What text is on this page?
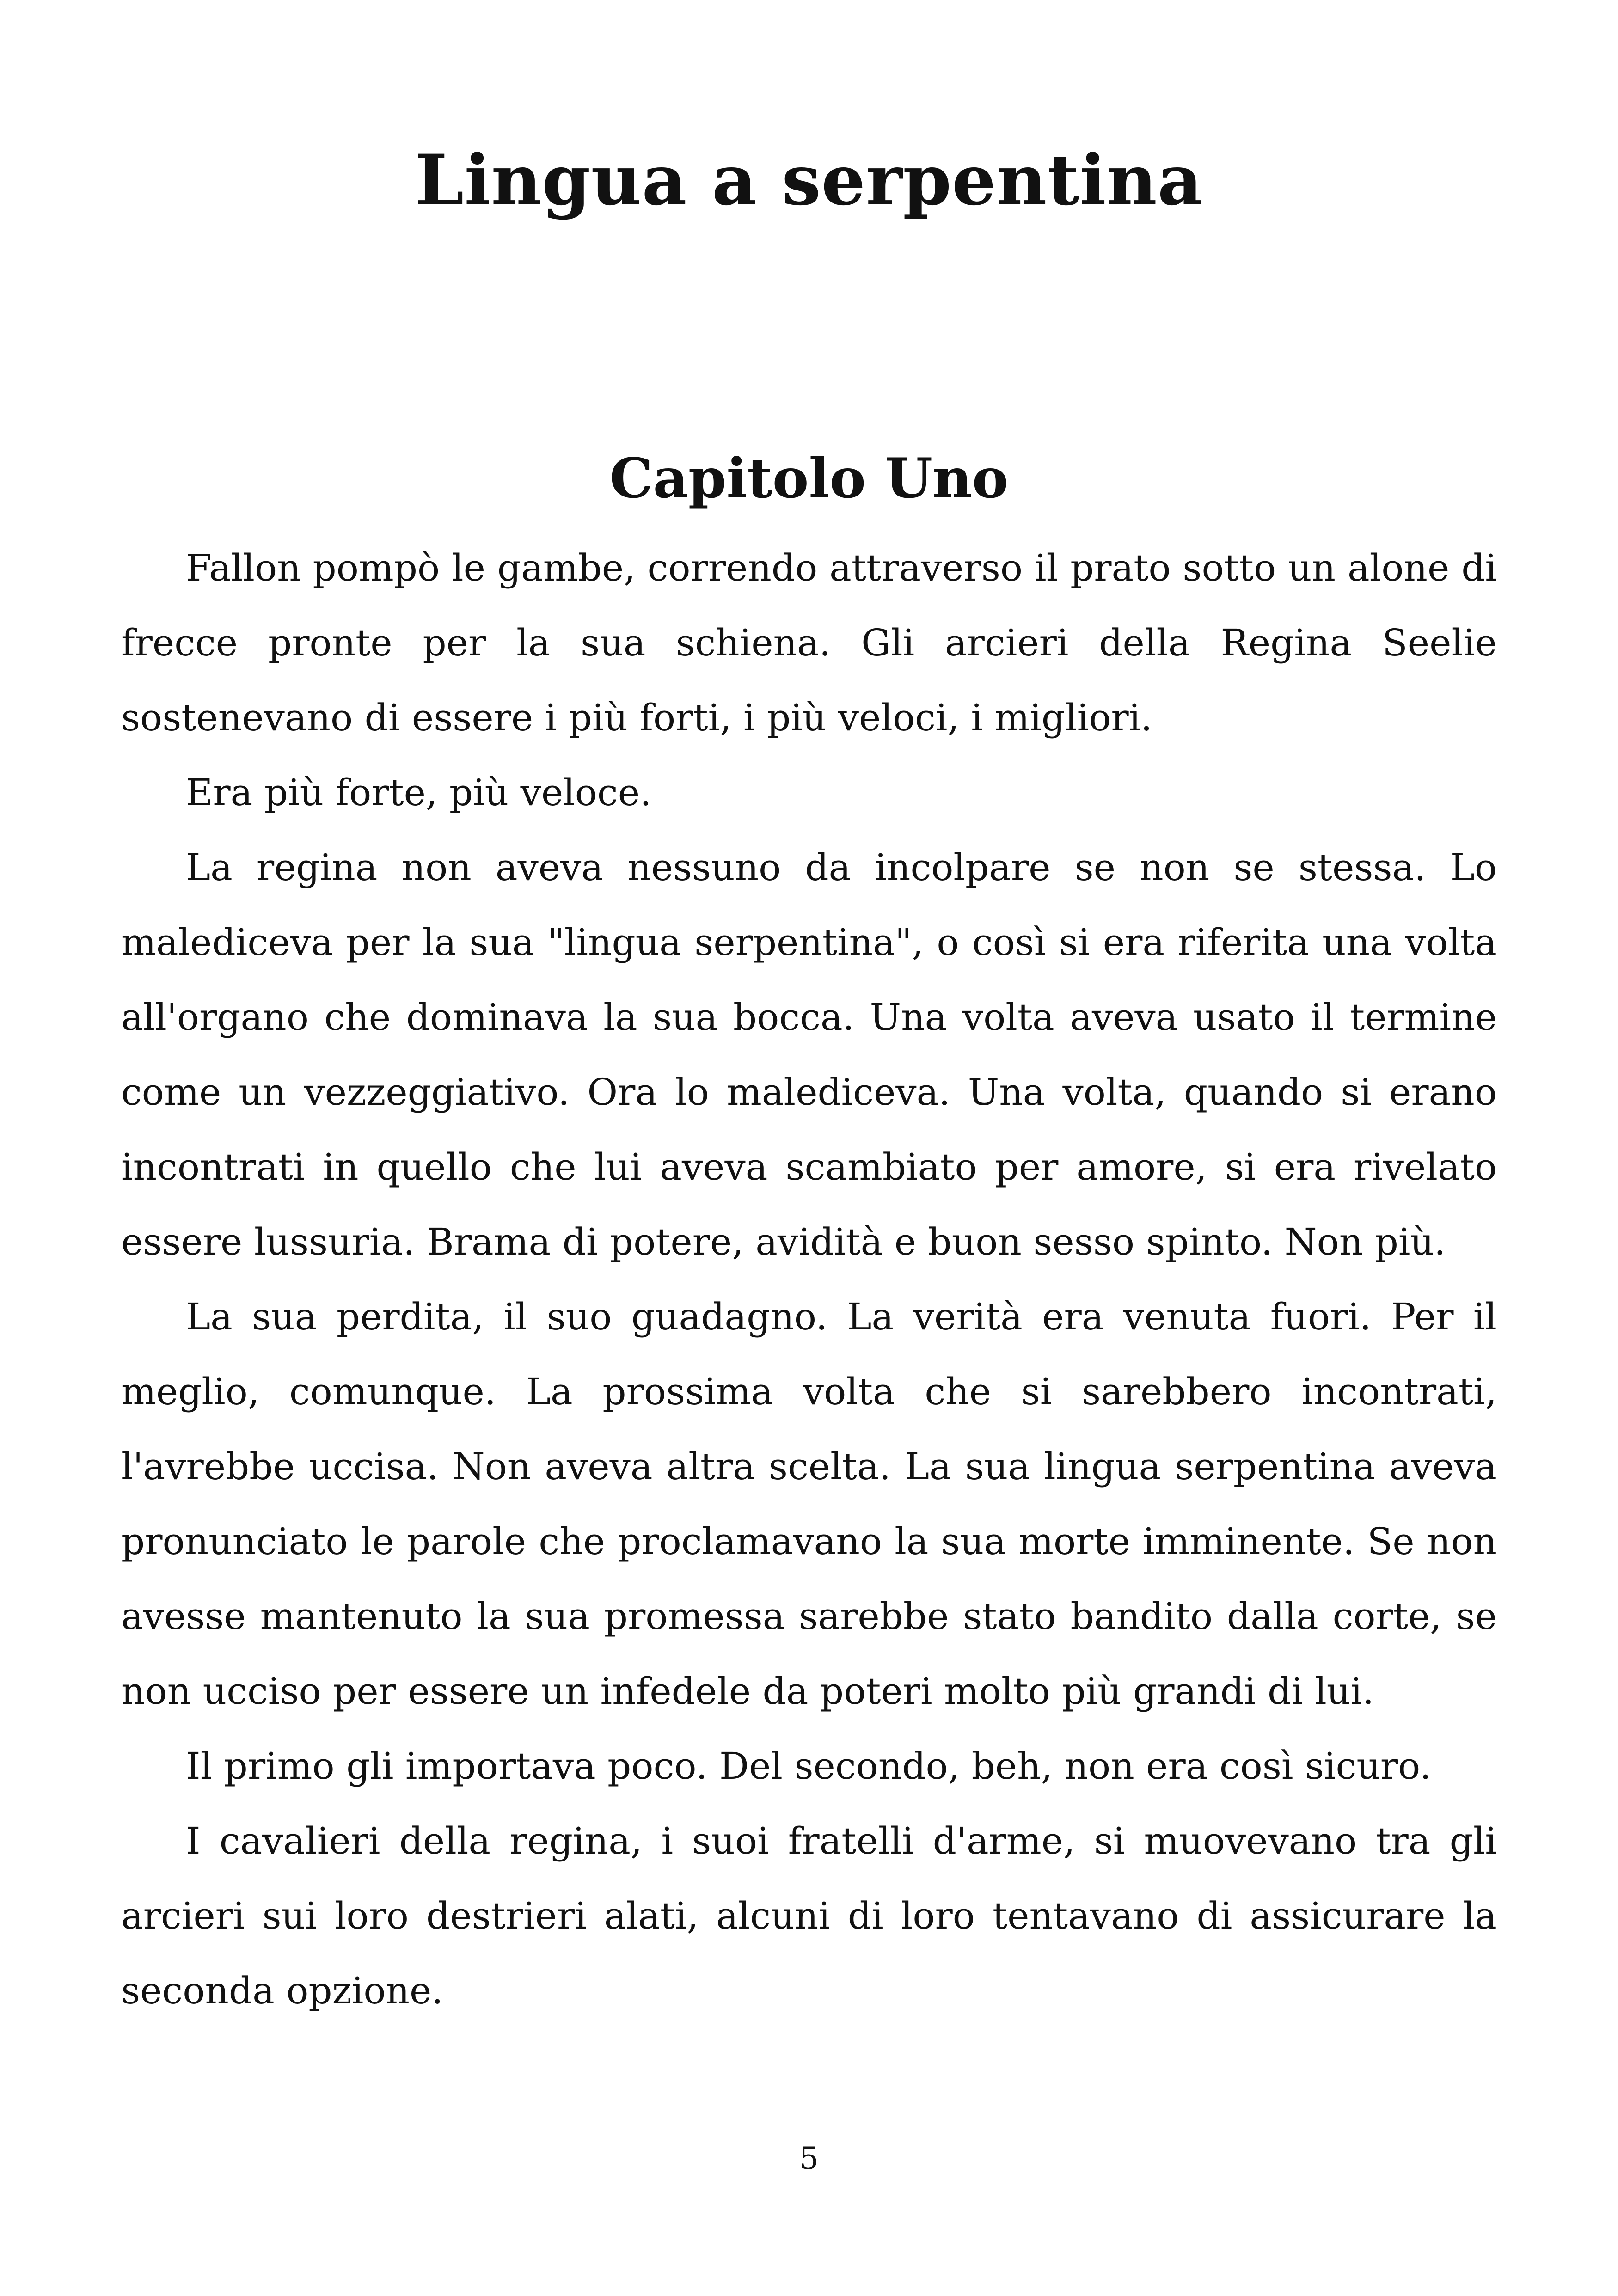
Lingua a serpentina
Capitolo Uno

Fallon pompò le gambe, correndo attraverso il prato sotto un alone di frecce pronte per la sua schiena. Gli arcieri della Regina Seelie sostenevano di essere i più forti, i più veloci, i migliori.

Era più forte, più veloce.

La regina non aveva nessuno da incolpare se non se stessa. Lo malediceva per la sua "lingua serpentina", o così si era riferita una volta all'organo che dominava la sua bocca. Una volta aveva usato il termine come un vezzeggiativo. Ora lo malediceva. Una volta, quando si erano incontrati in quello che lui aveva scambiato per amore, si era rivelato essere lussuria. Brama di potere, avidità e buon sesso spinto. Non più.

La sua perdita, il suo guadagno. La verità era venuta fuori. Per il meglio, comunque. La prossima volta che si sarebbero incontrati, l'avrebbe uccisa. Non aveva altra scelta. La sua lingua serpentina aveva pronunciato le parole che proclamavano la sua morte imminente. Se non avesse mantenuto la sua promessa sarebbe stato bandito dalla corte, se non ucciso per essere un infedele da poteri molto più grandi di lui.

Il primo gli importava poco. Del secondo, beh, non era così sicuro.

I cavalieri della regina, i suoi fratelli d'arme, si muovevano tra gli arcieri sui loro destrieri alati, alcuni di loro tentavano di assicurare la seconda opzione.

5
